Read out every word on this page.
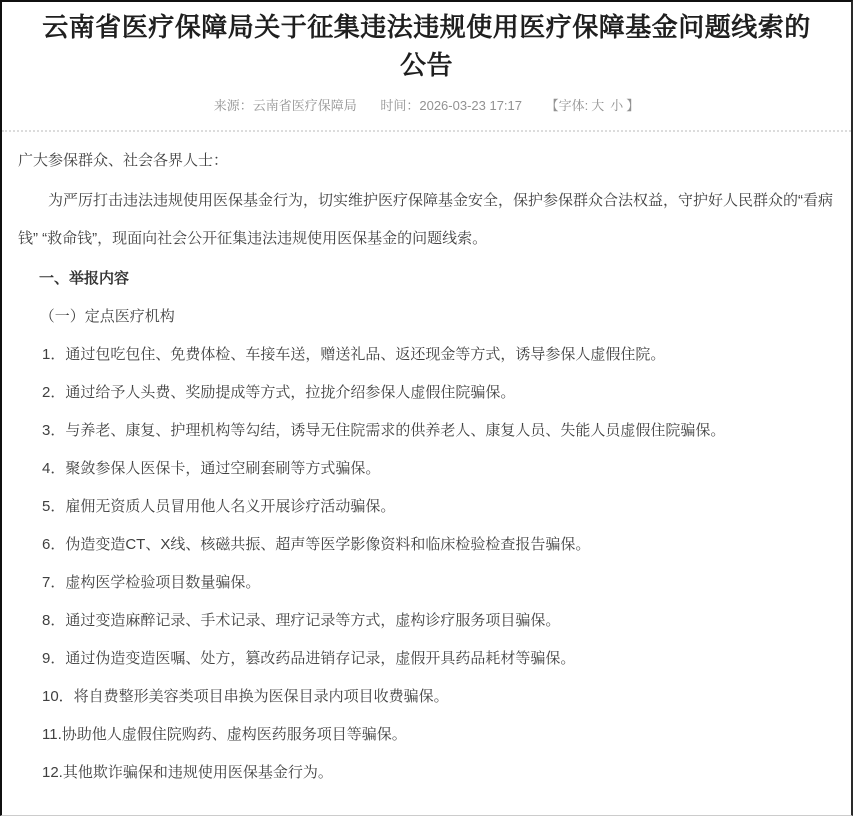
云南省医疗保障局关于征集违法违规使用医疗保障基金问题线索的公告
来源：云南省医疗保障局 时间：2026-03-23 17:17 【字体: 大 小 】

广大参保群众、社会各界人士：

为严厉打击违法违规使用医保基金行为，切实维护医疗保障基金安全，保护参保群众合法权益，守护好人民群众的“看病钱” “救命钱”，现面向社会公开征集违法违规使用医保基金的问题线索。

一、举报内容

（一）定点医疗机构

1．通过包吃包住、免费体检、车接车送，赠送礼品、返还现金等方式，诱导参保人虚假住院。

2．通过给予人头费、奖励提成等方式，拉拢介绍参保人虚假住院骗保。

3．与养老、康复、护理机构等勾结，诱导无住院需求的供养老人、康复人员、失能人员虚假住院骗保。

4．聚敛参保人医保卡，通过空刷套刷等方式骗保。

5．雇佣无资质人员冒用他人名义开展诊疗活动骗保。

6．伪造变造CT、X线、核磁共振、超声等医学影像资料和临床检验检查报告骗保。

7．虚构医学检验项目数量骗保。

8．通过变造麻醉记录、手术记录、理疗记录等方式，虚构诊疗服务项目骗保。

9．通过伪造变造医嘱、处方，篡改药品进销存记录，虚假开具药品耗材等骗保。

10．将自费整形美容类项目串换为医保目录内项目收费骗保。

11.协助他人虚假住院购药、虚构医药服务项目等骗保。

12.其他欺诈骗保和违规使用医保基金行为。
